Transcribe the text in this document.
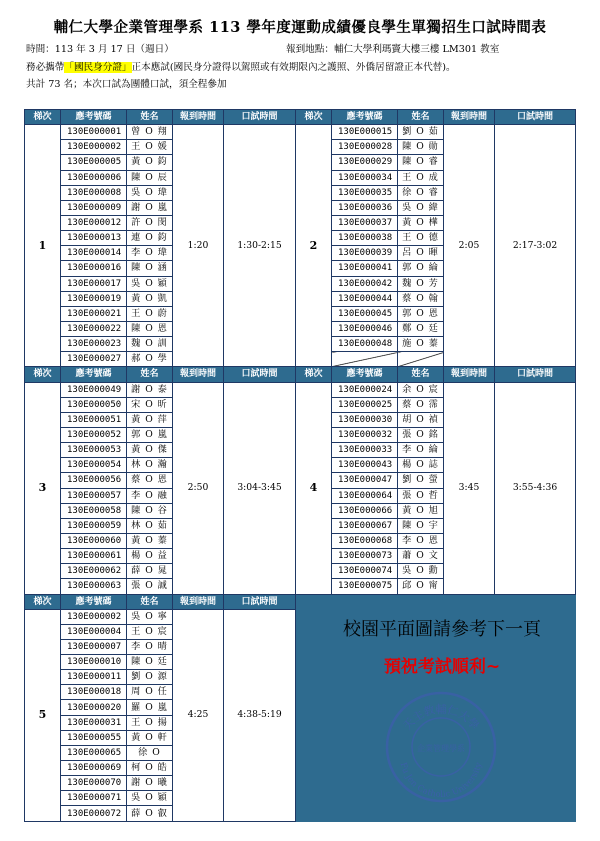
輔仁大學企業管理學系 113 學年度運動成績優良學生單獨招生口試時間表
時間：113 年 3 月 17 日（週日）	報到地點：輔仁大學利瑪竇大樓三樓 LM301 教室
務必攜帶「國民身分證」正本應試(國民身分證得以駕照或有效期限內之護照、外僑居留證正本代替)。
共計 73 名；本次口試為團體口試，須全程參加
梯次	應考號碼	姓名	報到時間	口試時間	梯次	應考號碼	姓名	報到時間	口試時間
1	130E000001	曾 O 翔	1:20	1:30-2:15	2	130E000015	劉 O 茹	2:05	2:17-3:02
	130E000002	王 O 媛				130E000028	陳 O 勛		
	130E000005	黃 O 鈞				130E000029	陳 O 睿		
	130E000006	陳 O 辰				130E000034	王 O 成		
	130E000008	吳 O 瑋				130E000035	徐 O 睿		
	130E000009	謝 O 嵐				130E000036	吳 O 緯		
	130E000012	許 O 閔				130E000037	黃 O 樺		
	130E000013	連 O 鈞				130E000038	王 O 德		
	130E000014	李 O 瑋				130E000039	呂 O 暉		
	130E000016	陳 O 涵				130E000041	郭 O 綸		
	130E000017	吳 O 穎				130E000042	魏 O 芳		
	130E000019	黃 O 凱				130E000044	蔡 O 翰		
	130E000021	王 O 蔚				130E000045	郭 O 恩		
	130E000022	陳 O 恩				130E000046	鄭 O 廷		
	130E000023	魏 O 訓				130E000048	施 O 蓁		
	130E000027	郝 O 學							
梯次	應考號碼	姓名	報到時間	口試時間	梯次	應考號碼	姓名	報到時間	口試時間
3	130E000049	謝 O 泰	2:50	3:04-3:45	4	130E000024	余 O 宸	3:45	3:55-4:36
	130E000050	宋 O 昕				130E000025	蔡 O 霈		
	130E000051	黃 O 萍				130E000030	胡 O 禎		
	130E000052	郭 O 嵐				130E000032	張 O 銘		
	130E000053	黃 O 傑				130E000033	李 O 綸		
	130E000054	林 O 瀚				130E000043	楊 O 誌		
	130E000056	蔡 O 恩				130E000047	劉 O 螢		
	130E000057	李 O 融				130E000064	張 O 哲		
	130E000058	陳 O 谷				130E000066	黃 O 旭		
	130E000059	林 O 茹				130E000067	陳 O 宇		
	130E000060	黃 O 蓁				130E000068	李 O 恩		
	130E000061	楊 O 益				130E000073	蕭 O 文		
	130E000062	薛 O 晁				130E000074	吳 O 勳		
	130E000063	張 O 誠				130E000075	邱 O 甯		
梯次	應考號碼	姓名	報到時間	口試時間					
5	130E000002	吳 O 寧	4:25	4:38-5:19					
	130E000004	王 O 宸							
	130E000007	李 O 晴							
	130E000010	陳 O 廷							
	130E000011	劉 O 源							
	130E000018	周 O 任							
	130E000020	羅 O 嵐							
	130E000031	王 O 揚							
	130E000055	黃 O 軒							
	130E000065	徐 O							
	130E000069	柯 O 皓							
	130E000070	謝 O 曦							
	130E000071	吳 O 穎							
	130E000072	薛 O 叡							
校園平面圖請參考下一頁
預祝考試順利~
天主教輔仁大學
Fu Jen Catholic University
企業管理學系
